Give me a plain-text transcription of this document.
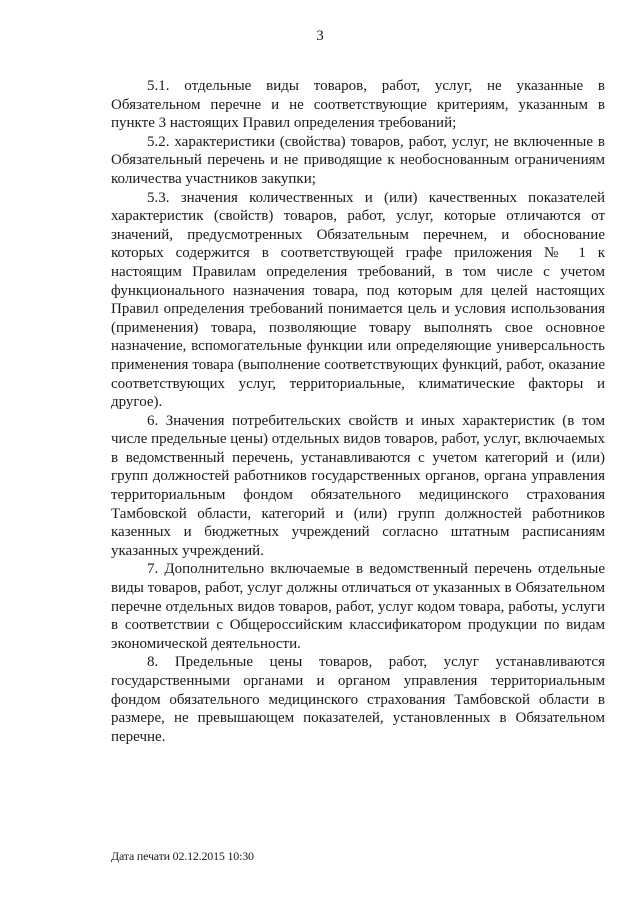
3

5.1. отдельные виды товаров, работ, услуг, не указанные в Обязательном перечне и не соответствующие критериям, указанным в пункте 3 настоящих Правил определения требований;

5.2. характеристики (свойства) товаров, работ, услуг, не включенные в Обязательный перечень и не приводящие к необоснованным ограничениям количества участников закупки;

5.3. значения количественных и (или) качественных показателей характеристик (свойств) товаров, работ, услуг, которые отличаются от значений, предусмотренных Обязательным перечнем, и обоснование которых содержится в соответствующей графе приложения № 1 к настоящим Правилам определения требований, в том числе с учетом функционального назначения товара, под которым для целей настоящих Правил определения требований понимается цель и условия использования (применения) товара, позволяющие товару выполнять свое основное назначение, вспомогательные функции или определяющие универсальность применения товара (выполнение соответствующих функций, работ, оказание соответствующих услуг, территориальные, климатические факторы и другое).

6. Значения потребительских свойств и иных характеристик (в том числе предельные цены) отдельных видов товаров, работ, услуг, включаемых в ведомственный перечень, устанавливаются с учетом категорий и (или) групп должностей работников государственных органов, органа управления территориальным фондом обязательного медицинского страхования Тамбовской области, категорий и (или) групп должностей работников казенных и бюджетных учреждений согласно штатным расписаниям указанных учреждений.

7. Дополнительно включаемые в ведомственный перечень отдельные виды товаров, работ, услуг должны отличаться от указанных в Обязательном перечне отдельных видов товаров, работ, услуг кодом товара, работы, услуги в соответствии с Общероссийским классификатором продукции по видам экономической деятельности.

8. Предельные цены товаров, работ, услуг устанавливаются государственными органами и органом управления территориальным фондом обязательного медицинского страхования Тамбовской области в размере, не превышающем показателей, установленных в Обязательном перечне.

Дата печати 02.12.2015 10:30
